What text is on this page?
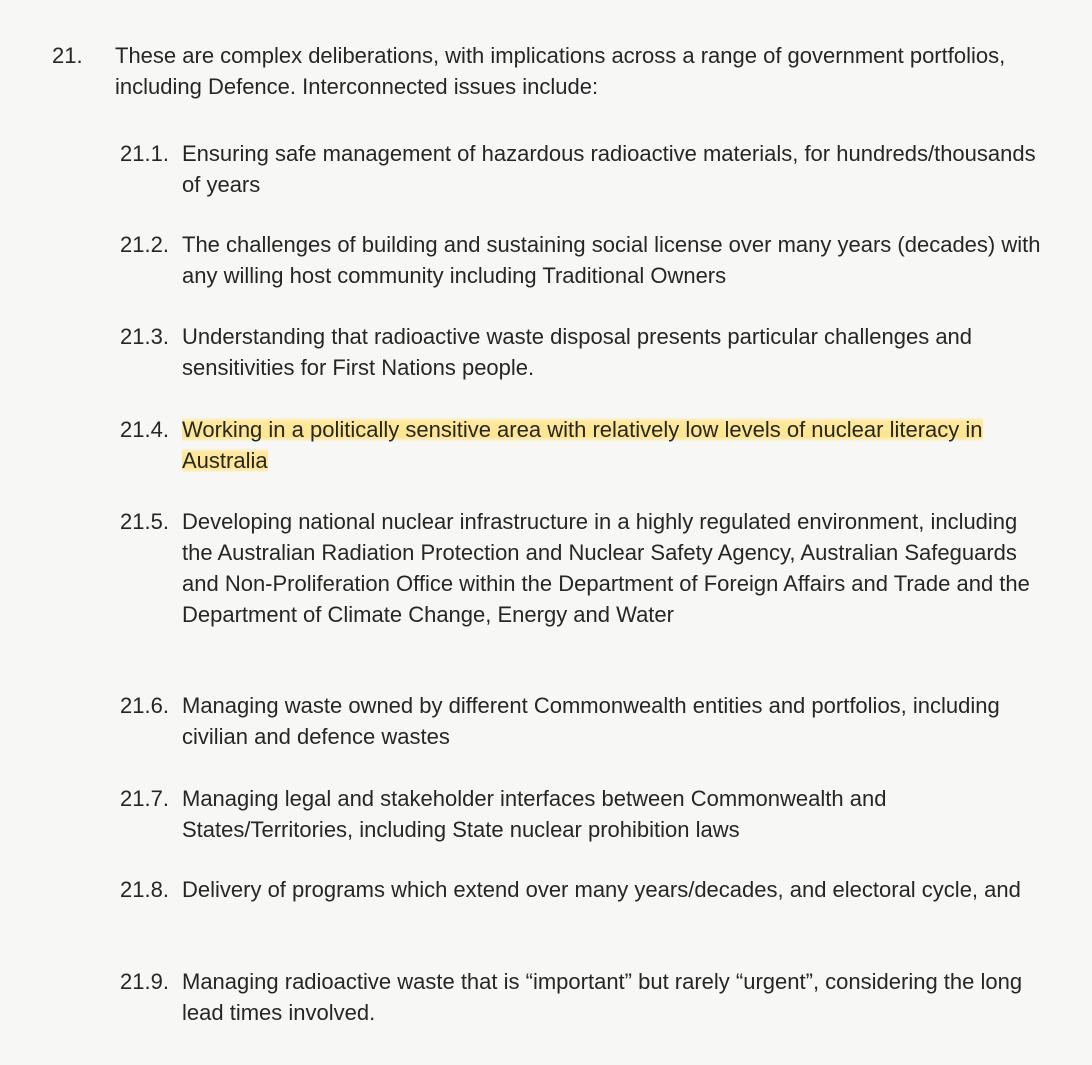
21. These are complex deliberations, with implications across a range of government portfolios, including Defence. Interconnected issues include:
21.1. Ensuring safe management of hazardous radioactive materials, for hundreds/thousands of years
21.2. The challenges of building and sustaining social license over many years (decades) with any willing host community including Traditional Owners
21.3. Understanding that radioactive waste disposal presents particular challenges and sensitivities for First Nations people.
21.4. Working in a politically sensitive area with relatively low levels of nuclear literacy in Australia
21.5. Developing national nuclear infrastructure in a highly regulated environment, including the Australian Radiation Protection and Nuclear Safety Agency, Australian Safeguards and Non-Proliferation Office within the Department of Foreign Affairs and Trade and the Department of Climate Change, Energy and Water
21.6. Managing waste owned by different Commonwealth entities and portfolios, including civilian and defence wastes
21.7. Managing legal and stakeholder interfaces between Commonwealth and States/Territories, including State nuclear prohibition laws
21.8. Delivery of programs which extend over many years/decades, and electoral cycle, and
21.9. Managing radioactive waste that is “important” but rarely “urgent”, considering the long lead times involved.
